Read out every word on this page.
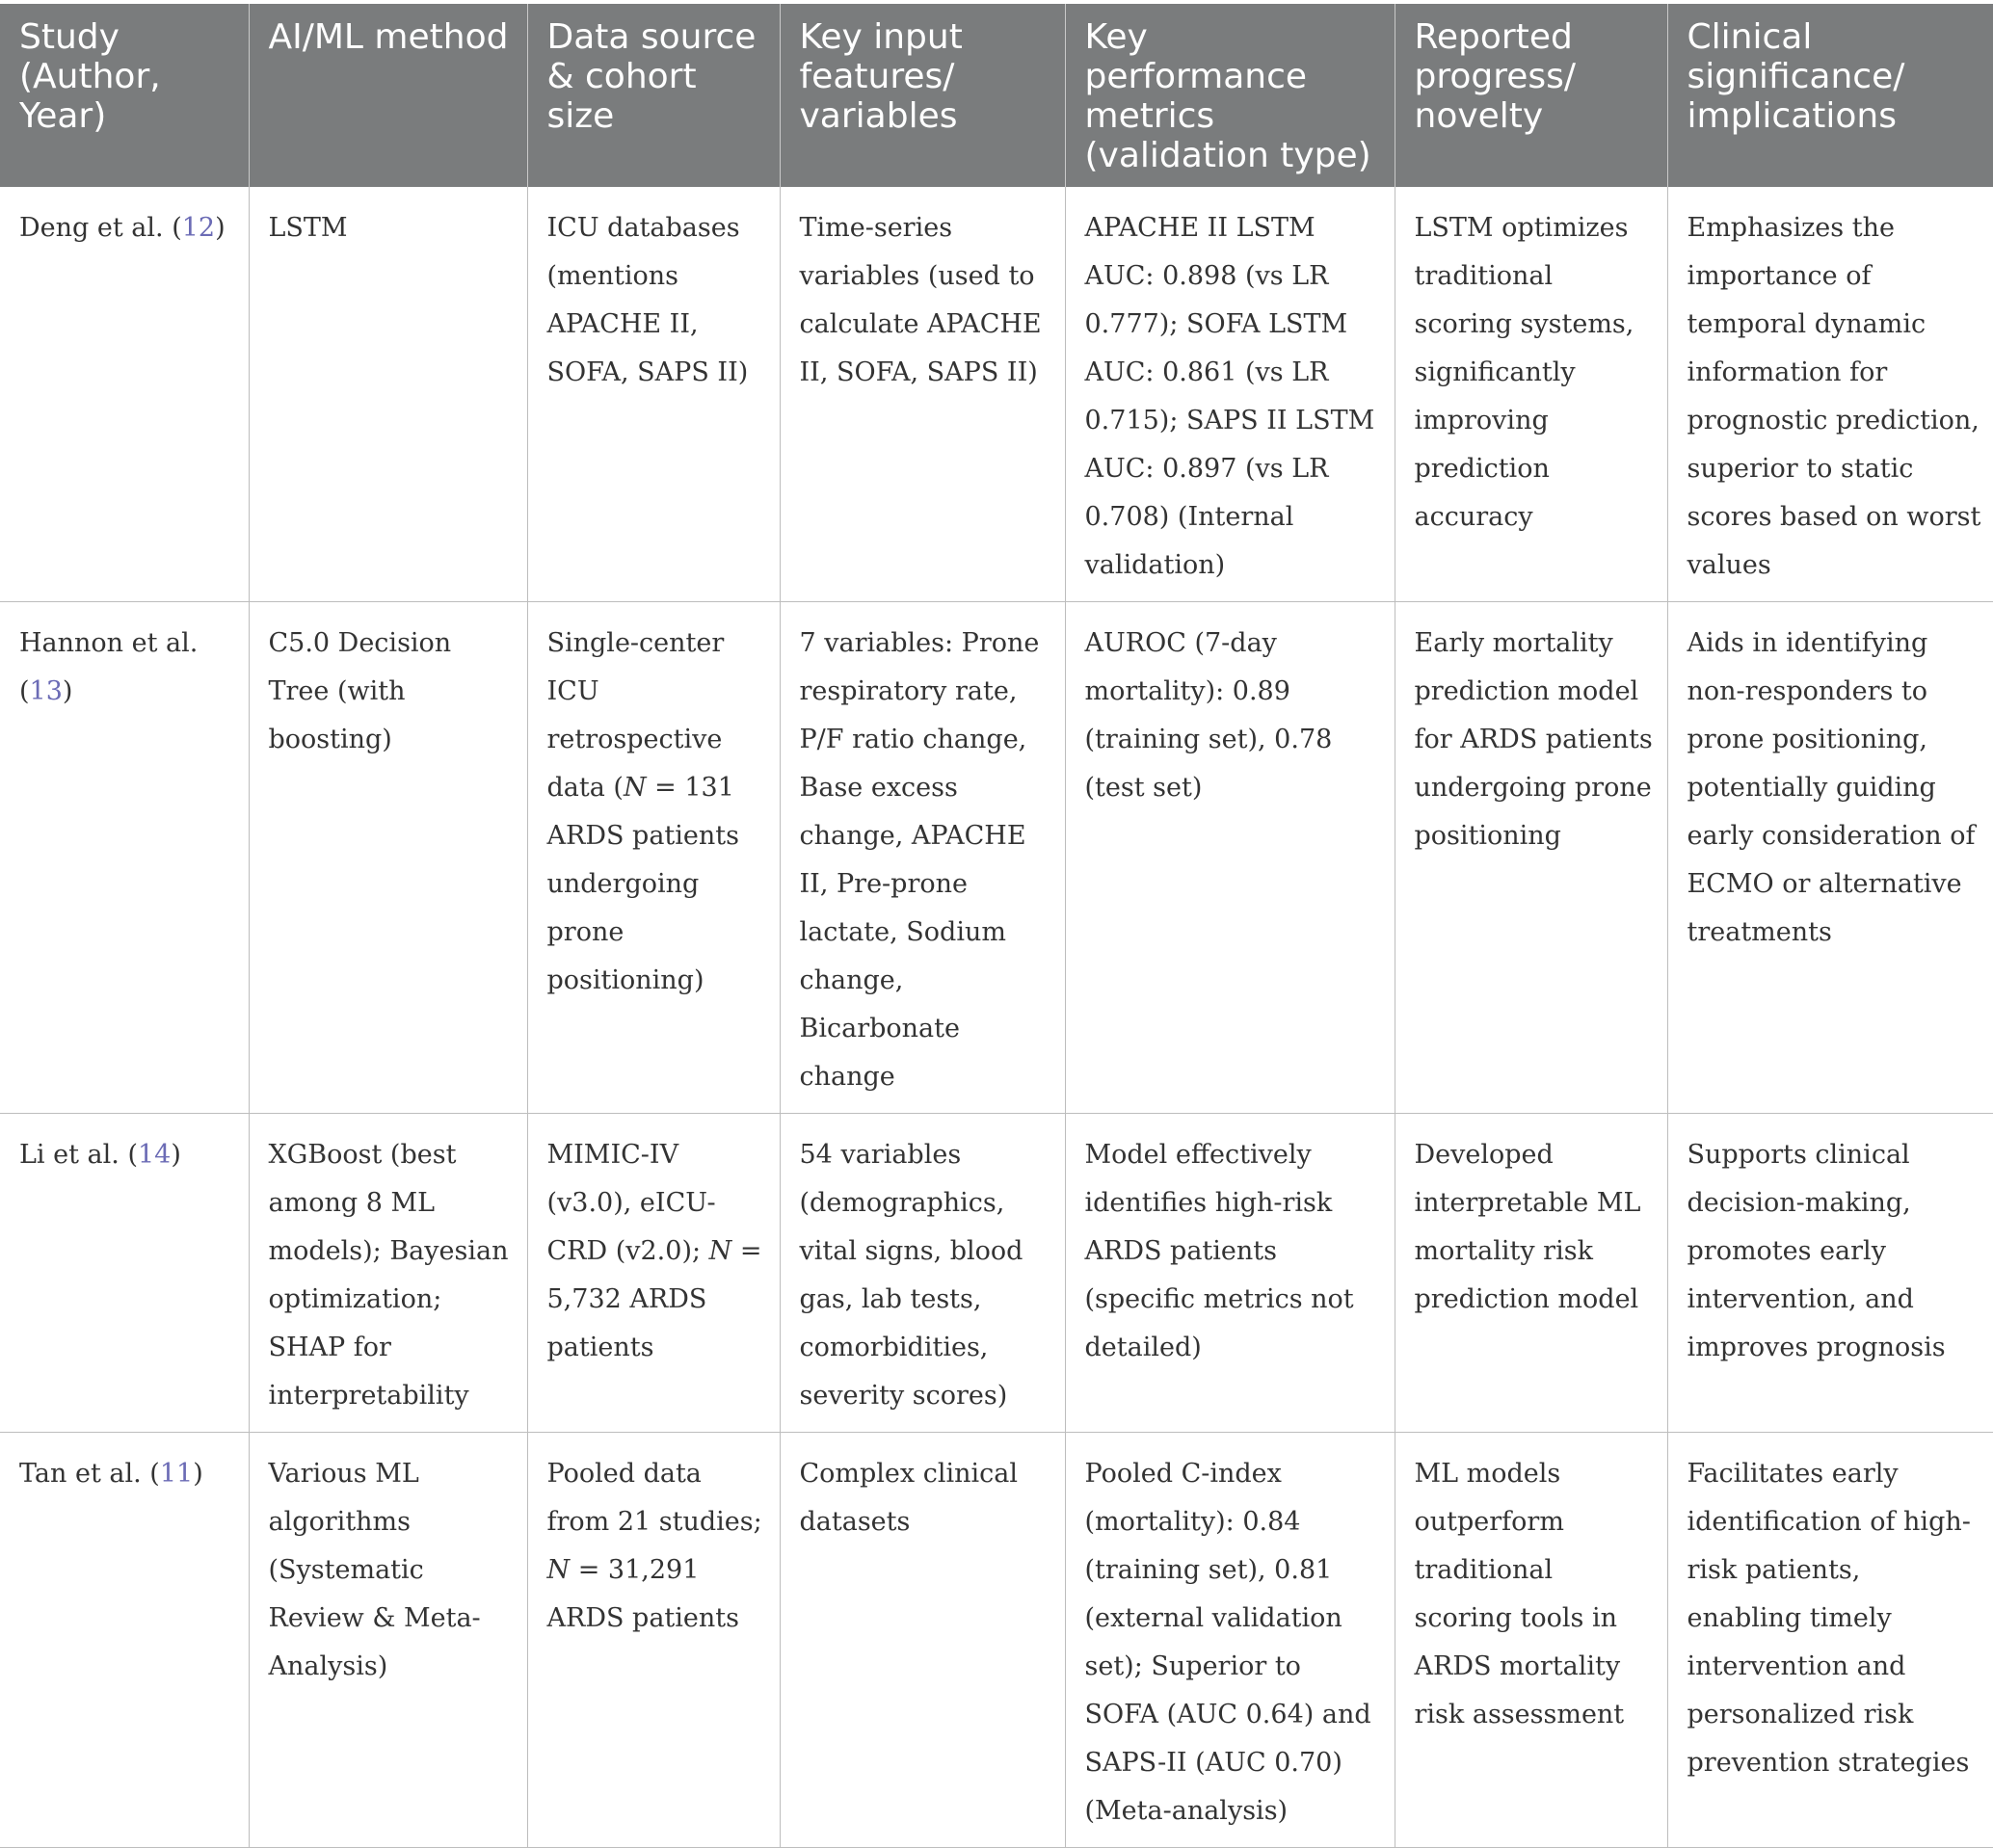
Study (Author, Year)	AI/ML method	Data source & cohort size	Key input features/ variables	Key performance metrics (validation type)	Reported progress/ novelty	Clinical significance/ implications
Deng et al. (12)	LSTM	ICU databases (mentions APACHE II, SOFA, SAPS II)	Time-series variables (used to calculate APACHE II, SOFA, SAPS II)	APACHE II LSTM AUC: 0.898 (vs LR 0.777); SOFA LSTM AUC: 0.861 (vs LR 0.715); SAPS II LSTM AUC: 0.897 (vs LR 0.708) (Internal validation)	LSTM optimizes traditional scoring systems, significantly improving prediction accuracy	Emphasizes the importance of temporal dynamic information for prognostic prediction, superior to static scores based on worst values
Hannon et al. (13)	C5.0 Decision Tree (with boosting)	Single-center ICU retrospective data (N = 131 ARDS patients undergoing prone positioning)	7 variables: Prone respiratory rate, P/F ratio change, Base excess change, APACHE II, Pre-prone lactate, Sodium change, Bicarbonate change	AUROC (7-day mortality): 0.89 (training set), 0.78 (test set)	Early mortality prediction model for ARDS patients undergoing prone positioning	Aids in identifying non-responders to prone positioning, potentially guiding early consideration of ECMO or alternative treatments
Li et al. (14)	XGBoost (best among 8 ML models); Bayesian optimization; SHAP for interpretability	MIMIC-IV (v3.0), eICU-CRD (v2.0); N = 5,732 ARDS patients	54 variables (demographics, vital signs, blood gas, lab tests, comorbidities, severity scores)	Model effectively identifies high-risk ARDS patients (specific metrics not detailed)	Developed interpretable ML mortality risk prediction model	Supports clinical decision-making, promotes early intervention, and improves prognosis
Tan et al. (11)	Various ML algorithms (Systematic Review & Meta-Analysis)	Pooled data from 21 studies; N = 31,291 ARDS patients	Complex clinical datasets	Pooled C-index (mortality): 0.84 (training set), 0.81 (external validation set); Superior to SOFA (AUC 0.64) and SAPS-II (AUC 0.70) (Meta-analysis)	ML models outperform traditional scoring tools in ARDS mortality risk assessment	Facilitates early identification of high-risk patients, enabling timely intervention and personalized risk prevention strategies
